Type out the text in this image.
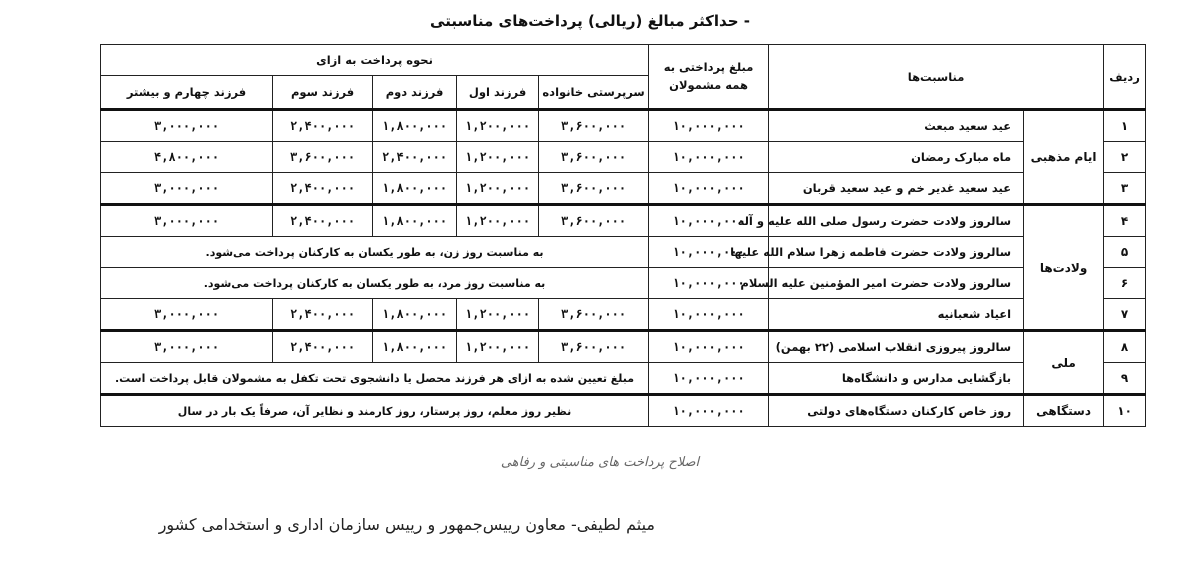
- حداکثر مبالغ (ریالی) پرداخت‌های مناسبتی
ردیف	مناسبت‌ها		مبلغ پرداختی به همه مشمولان	نحوه پرداخت به ازای				
				سرپرستی خانواده	فرزند اول	فرزند دوم	فرزند سوم	فرزند چهارم و بیشتر
۱	ایام مذهبی	عید سعید مبعث	۱۰,۰۰۰,۰۰۰	۳,۶۰۰,۰۰۰	۱,۲۰۰,۰۰۰	۱,۸۰۰,۰۰۰	۲,۴۰۰,۰۰۰	۳,۰۰۰,۰۰۰
۲		ماه مبارک رمضان	۱۰,۰۰۰,۰۰۰	۳,۶۰۰,۰۰۰	۱,۲۰۰,۰۰۰	۲,۴۰۰,۰۰۰	۳,۶۰۰,۰۰۰	۴,۸۰۰,۰۰۰
۳		عید سعید غدیر خم و عید سعید قربان	۱۰,۰۰۰,۰۰۰	۳,۶۰۰,۰۰۰	۱,۲۰۰,۰۰۰	۱,۸۰۰,۰۰۰	۲,۴۰۰,۰۰۰	۳,۰۰۰,۰۰۰
۴	ولادت‌ها	سالروز ولادت حضرت رسول صلی الله علیه و آله	۱۰,۰۰۰,۰۰۰	۳,۶۰۰,۰۰۰	۱,۲۰۰,۰۰۰	۱,۸۰۰,۰۰۰	۲,۴۰۰,۰۰۰	۳,۰۰۰,۰۰۰
۵		سالروز ولادت حضرت فاطمه زهرا سلام الله علیها	۱۰,۰۰۰,۰۰۰	به مناسبت روز زن، به طور یکسان به کارکنان پرداخت می‌شود.				
۶		سالروز ولادت حضرت امیر المؤمنین علیه السلام	۱۰,۰۰۰,۰۰۰	به مناسبت روز مرد، به طور یکسان به کارکنان پرداخت می‌شود.				
۷		اعیاد شعبانیه	۱۰,۰۰۰,۰۰۰	۳,۶۰۰,۰۰۰	۱,۲۰۰,۰۰۰	۱,۸۰۰,۰۰۰	۲,۴۰۰,۰۰۰	۳,۰۰۰,۰۰۰
۸	ملی	سالروز پیروزی انقلاب اسلامی (۲۲ بهمن)	۱۰,۰۰۰,۰۰۰	۳,۶۰۰,۰۰۰	۱,۲۰۰,۰۰۰	۱,۸۰۰,۰۰۰	۲,۴۰۰,۰۰۰	۳,۰۰۰,۰۰۰
۹		بازگشایی مدارس و دانشگاه‌ها	۱۰,۰۰۰,۰۰۰	مبلغ تعیین شده به ازای هر فرزند محصل یا دانشجوی تحت تکفل به مشمولان قابل پرداخت است.				
۱۰	دستگاهی	روز خاص کارکنان دستگاه‌های دولتی	۱۰,۰۰۰,۰۰۰	نظیر روز معلم، روز پرستار، روز کارمند و نظایر آن، صرفاً یک بار در سال				
اصلاح پرداخت های مناسبتی و رفاهی
میثم لطیفی- معاون رییس‌جمهور و رییس سازمان اداری و استخدامی کشور
